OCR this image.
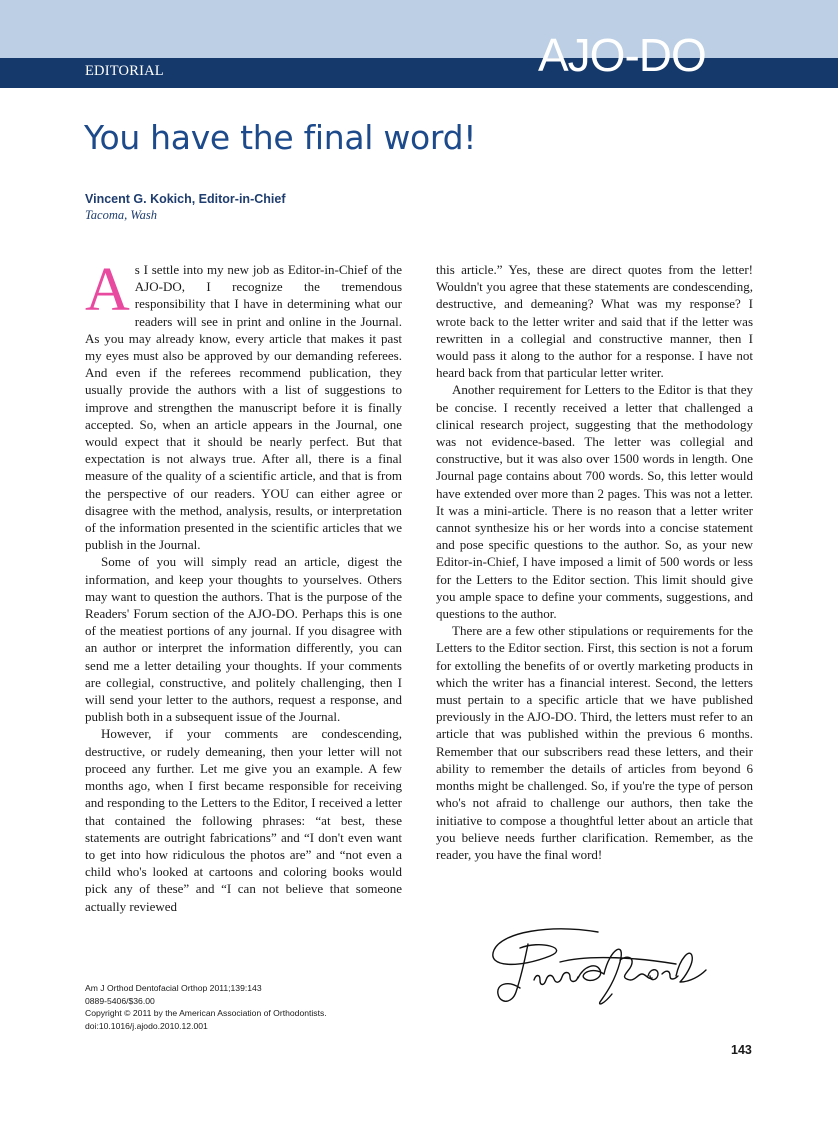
EDITORIAL	AJO-DO
You have the final word!
Vincent G. Kokich, Editor-in-Chief
Tacoma, Wash

As I settle into my new job as Editor-in-Chief of the AJO-DO, I recognize the tremendous responsibility that I have in determining what our readers will see in print and online in the Journal. As you may already know, every article that makes it past my eyes must also be approved by our demanding referees. And even if the referees recommend publication, they usually provide the authors with a list of suggestions to improve and strengthen the manuscript before it is finally accepted. So, when an article appears in the Journal, one would expect that it should be nearly perfect. But that expectation is not always true. After all, there is a final measure of the quality of a scientific article, and that is from the perspective of our readers. YOU can either agree or disagree with the method, analysis, results, or interpretation of the information presented in the scientific articles that we publish in the Journal.

Some of you will simply read an article, digest the information, and keep your thoughts to yourselves. Others may want to question the authors. That is the purpose of the Readers' Forum section of the AJO-DO. Perhaps this is one of the meatiest portions of any journal. If you disagree with an author or interpret the information differently, you can send me a letter detailing your thoughts. If your comments are collegial, constructive, and politely challenging, then I will send your letter to the authors, request a response, and publish both in a subsequent issue of the Journal.

However, if your comments are condescending, destructive, or rudely demeaning, then your letter will not proceed any further. Let me give you an example. A few months ago, when I first became responsible for receiving and responding to the Letters to the Editor, I received a letter that contained the following phrases: “at best, these statements are outright fabrications” and “I don't even want to get into how ridiculous the photos are” and “not even a child who's looked at cartoons and coloring books would pick any of these” and “I can not believe that someone actually reviewed

this article.” Yes, these are direct quotes from the letter! Wouldn't you agree that these statements are condescending, destructive, and demeaning? What was my response? I wrote back to the letter writer and said that if the letter was rewritten in a collegial and constructive manner, then I would pass it along to the author for a response. I have not heard back from that particular letter writer.

Another requirement for Letters to the Editor is that they be concise. I recently received a letter that challenged a clinical research project, suggesting that the methodology was not evidence-based. The letter was collegial and constructive, but it was also over 1500 words in length. One Journal page contains about 700 words. So, this letter would have extended over more than 2 pages. This was not a letter. It was a mini-article. There is no reason that a letter writer cannot synthesize his or her words into a concise statement and pose specific questions to the author. So, as your new Editor-in-Chief, I have imposed a limit of 500 words or less for the Letters to the Editor section. This limit should give you ample space to define your comments, suggestions, and questions to the author.

There are a few other stipulations or requirements for the Letters to the Editor section. First, this section is not a forum for extolling the benefits of or overtly marketing products in which the writer has a financial interest. Second, the letters must pertain to a specific article that we have published previously in the AJO-DO. Third, the letters must refer to an article that was published within the previous 6 months. Remember that our subscribers read these letters, and their ability to remember the details of articles from beyond 6 months might be challenged. So, if you're the type of person who's not afraid to challenge our authors, then take the initiative to compose a thoughtful letter about an article that you believe needs further clarification. Remember, as the reader, you have the final word!

Am J Orthod Dentofacial Orthop 2011;139:143
0889-5406/$36.00
Copyright © 2011 by the American Association of Orthodontists.
doi:10.1016/j.ajodo.2010.12.001
143
